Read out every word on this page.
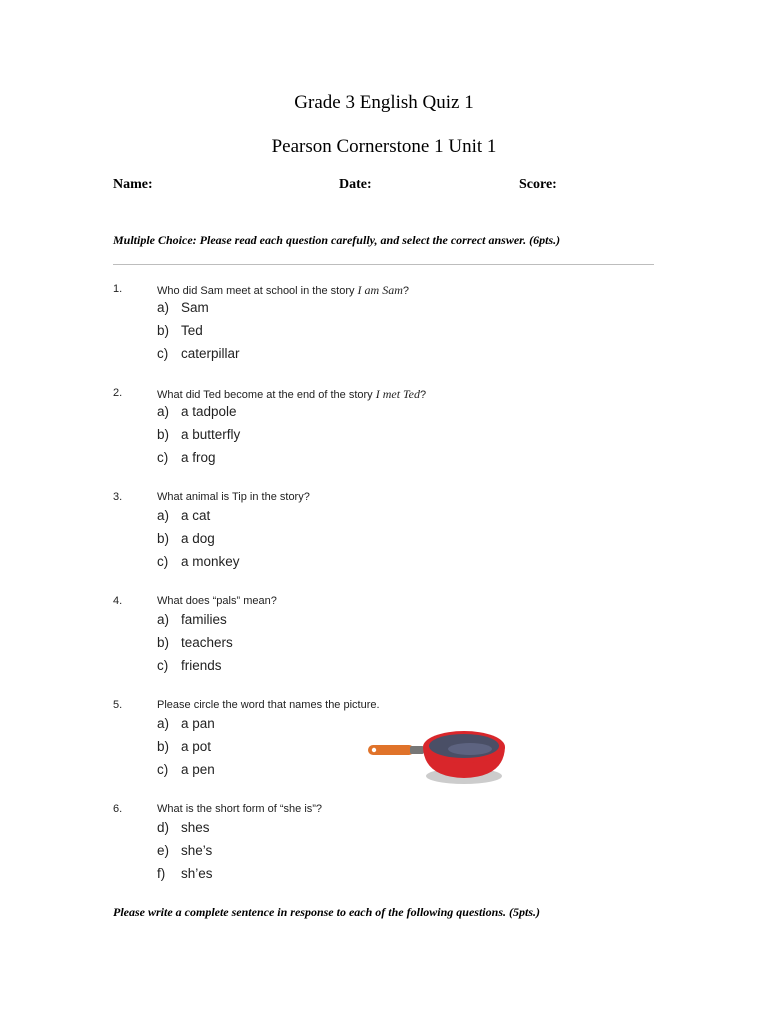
Grade 3 English Quiz 1
Pearson Cornerstone 1 Unit 1
Name:	Date:	Score:
Multiple Choice: Please read each question carefully, and select the correct answer. (6pts.)
1.	Who did Sam meet at school in the story I am Sam?
a) Sam
b) Ted
c) caterpillar
2.	What did Ted become at the end of the story I met Ted?
a) a tadpole
b) a butterfly
c) a frog
3.	What animal is Tip in the story?
a) a cat
b) a dog
c) a monkey
4.	What does “pals” mean?
a) families
b) teachers
c) friends
5.	Please circle the word that names the picture.
a) a pan
b) a pot
c) a pen
6.	What is the short form of “she is”?
d) shes
e) she’s
f) sh’es
Please write a complete sentence in response to each of the following questions. (5pts.)
